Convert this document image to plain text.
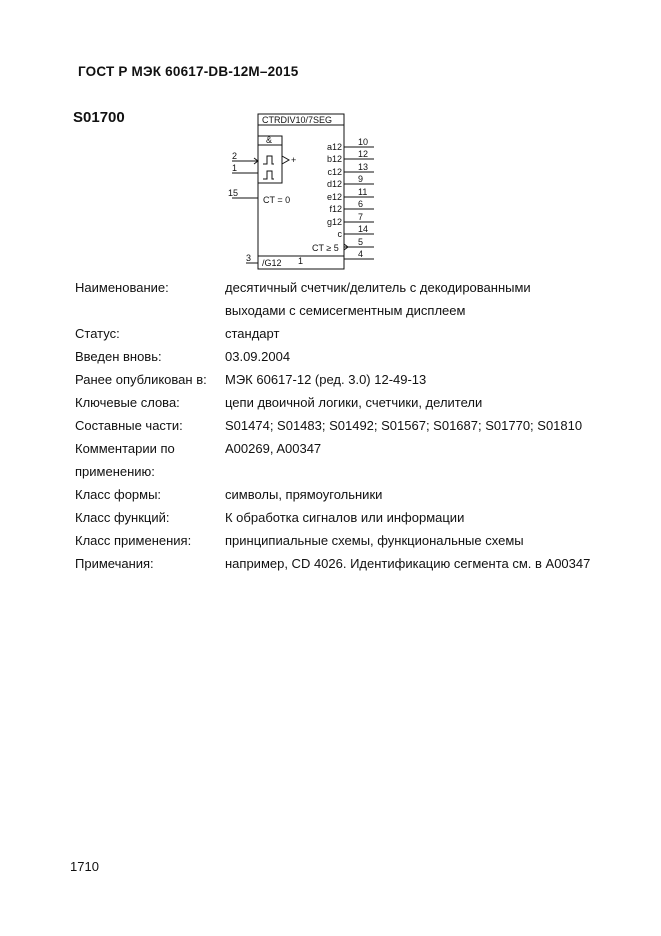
ГОСТ Р МЭК 60617-DB-12M–2015
S01700	CTRDIV10/7SEG
&
+
CT = 0
CT ≥ 5
/G12 1
2
1
15
3
10
a12
12
b12
13
c12
9
d12
11
e12
6
f12
7
g12
14
c
5
4
Наименование:	десятичный счетчик/делитель с декодированными
выходами с семисегментным дисплеем
Статус:	стандарт
Введен вновь:	03.09.2004
Ранее опубликован в:	МЭК 60617-12 (ред. 3.0) 12-49-13
Ключевые слова:	цепи двоичной логики, счетчики, делители
Составные части:	S01474; S01483; S01492; S01567; S01687; S01770; S01810
Комментарии по	A00269, A00347
применению:
Класс формы:	символы, прямоугольники
Класс функций:	К обработка сигналов или информации
Класс применения:	принципиальные схемы, функциональные схемы
Примечания:	например, CD 4026. Идентификацию сегмента см. в A00347
1710
